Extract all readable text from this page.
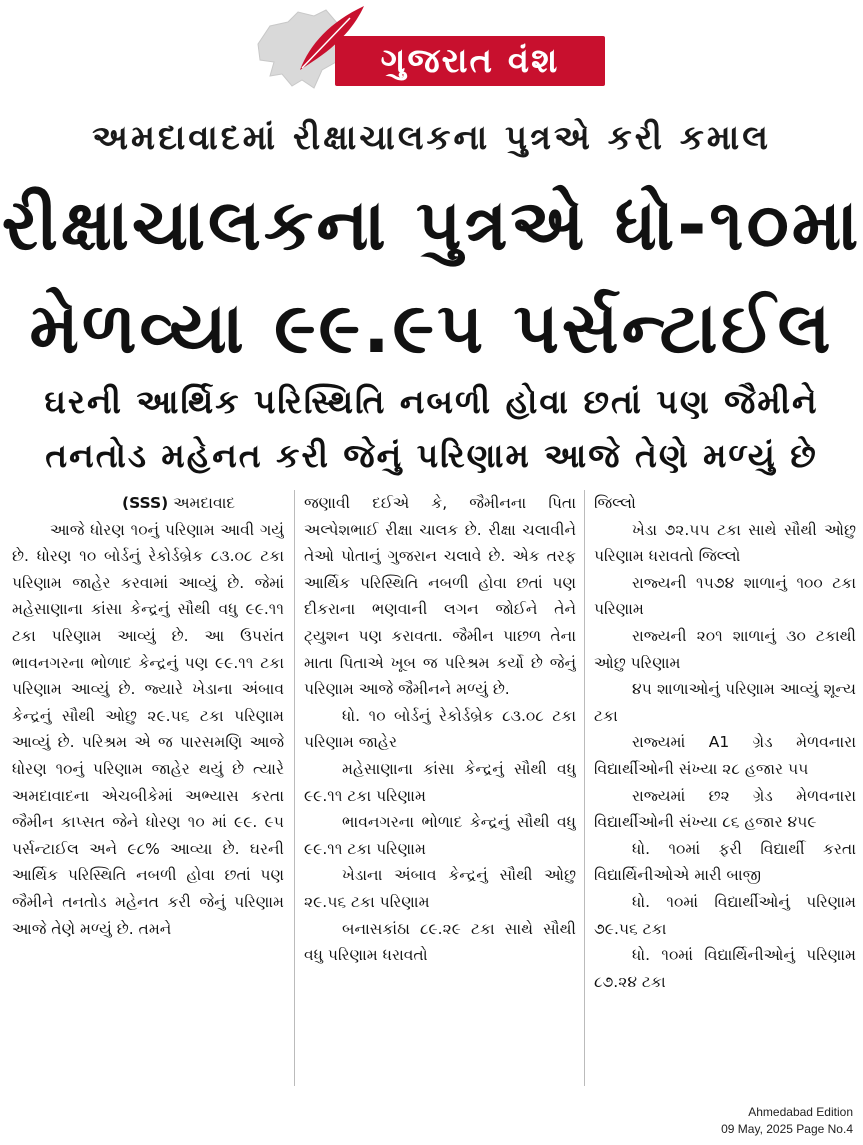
ગુજરાત વંશ
અમદાવાદમાં રીક્ષાચાલકના પુત્રએ કરી કમાલ
રીક્ષાચાલકના પુત્રએ ધો-૧૦મા
મેળવ્યા ૯૯.૯૫ પર્સન્ટાઈલ
ઘરની આર્થિક પરિસ્થિતિ નબળી હોવા છતાં પણ જૈમીને
તનતોડ મહેનત કરી જેનું પરિણામ આજે તેણે મળ્યું છે

(SSS) અમદાવાદ

આજે ધોરણ ૧૦નું પરિણામ આવી ગયું છે. ધોરણ ૧૦ બોર્ડનું રેકોર્ડબ્રેક ૮૩.૦૮ ટકા પરિણામ જાહેર કરવામાં આવ્યું છે. જેમાં મહેસાણાના કાંસા કેન્દ્રનું સૌથી વધુ ૯૯.૧૧ ટકા પરિણામ આવ્યું છે. આ ઉપરાંત ભાવનગરના ભોળાદ કેન્દ્રનું પણ ૯૯.૧૧ ટકા પરિણામ આવ્યું છે. જ્યારે ખેડાના અંબાવ કેન્દ્રનું સૌથી ઓછુ ૨૯.૫૬ ટકા પરિણામ આવ્યું છે. પરિશ્રમ એ જ પારસમણિ આજે ધોરણ ૧૦નું પરિણામ જાહેર થયું છે ત્યારે અમદાવાદના એચબીકેમાં અભ્યાસ કરતા જૈમીન કાપ્સત જેને ધોરણ ૧૦ માં ૯૯. ૯૫ પર્સન્ટાઈલ અને ૯૮% આવ્યા છે. ઘરની આર્થિક પરિસ્થિતિ નબળી હોવા છતાં પણ જૈમીને તનતોડ મહેનત કરી જેનું પરિણામ આજે તેણે મળ્યું છે. તમને

જણાવી દઈએ કે, જૈમીનના પિતા અલ્પેશભાઈ રીક્ષા ચાલક છે. રીક્ષા ચલાવીને તેઓ પોતાનું ગુજરાન ચલાવે છે. એક તરફ આર્થિક પરિસ્થિતિ નબળી હોવા છતાં પણ દીકરાના ભણવાની લગન જોઈને તેને ટ્યુશન પણ કરાવતા. જૈમીન પાછળ તેના માતા પિતાએ ખૂબ જ પરિશ્રમ કર્યો છે જેનું પરિણામ આજે જૈમીનને મળ્યું છે.

ધો. ૧૦ બોર્ડનું રેકોર્ડબ્રેક ૮૩.૦૮ ટકા પરિણામ જાહેર

મહેસાણાના કાંસા કેન્દ્રનું સૌથી વધુ ૯૯.૧૧ ટકા પરિણામ

ભાવનગરના ભોળાદ કેન્દ્રનું સૌથી વધુ ૯૯.૧૧ ટકા પરિણામ

ખેડાના અંબાવ કેન્દ્રનું સૌથી ઓછુ ૨૯.૫૬ ટકા પરિણામ

બનાસકાંઠા ૮૯.૨૯ ટકા સાથે સૌથી વધુ પરિણામ ધરાવતો

જિલ્લો

ખેડા ૭૨.૫૫ ટકા સાથે સૌથી ઓછુ પરિણામ ધરાવતો જિલ્લો

રાજ્યની ૧૫૭૪ શાળાનું ૧૦૦ ટકા પરિણામ

રાજ્યની ૨૦૧ શાળાનું ૩૦ ટકાથી ઓછુ પરિણામ

૪૫ શાળાઓનું પરિણામ આવ્યું શૂન્ય ટકા

રાજ્યમાં A1 ગ્રેડ મેળવનારા વિદ્યાર્થીઓની સંખ્યા ૨૮ હજાર ૫૫

રાજ્યમાં છ૨ ગ્રેડ મેળવનારા વિદ્યાર્થીઓની સંખ્યા ૮૬ હજાર ૪૫૯

ધો. ૧૦માં ફરી વિદ્યાર્થી કરતા વિદ્યાર્થિનીઓએ મારી બાજી

ધો. ૧૦માં વિદ્યાર્થીઓનું પરિણામ ૭૯.૫૬ ટકા

ધો. ૧૦માં વિદ્યાર્થિનીઓનું પરિણામ ૮૭.૨૪ ટકા

Ahmedabad Edition
09 May, 2025 Page No.4
